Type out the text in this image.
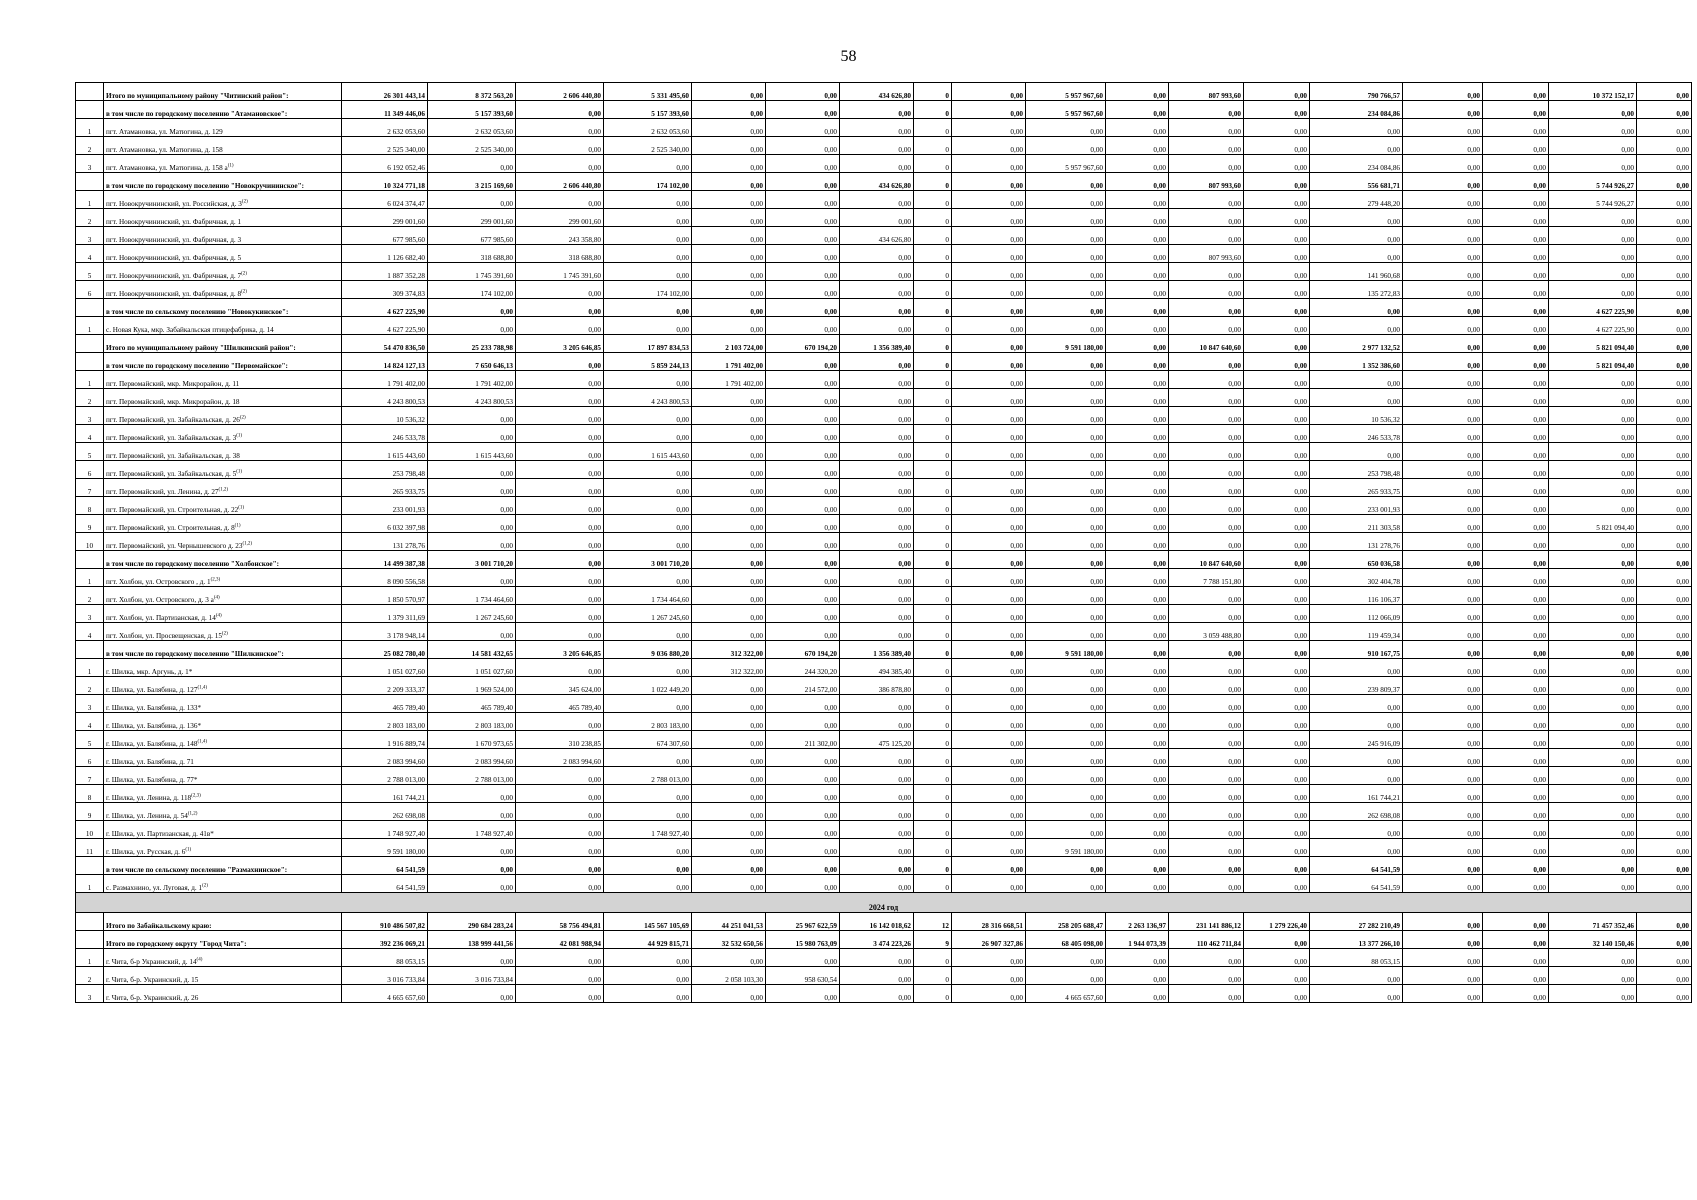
58
	Итого по муниципальному району "Читинский район":	26 301 443,14	8 372 563,20	2 606 440,80	5 331 495,60	0,00	0,00	434 626,80	0	0,00	5 957 967,60	0,00	807 993,60	0,00	790 766,57	0,00	0,00	10 372 152,17	0,00
	в том числе по городскому поселению "Атамановское":	11 349 446,06	5 157 393,60	0,00	5 157 393,60	0,00	0,00	0,00	0	0,00	5 957 967,60	0,00	0,00	0,00	234 084,86	0,00	0,00	0,00	0,00
1	пгт. Атамановка, ул. Матюгина, д. 129	2 632 053,60	2 632 053,60	0,00	2 632 053,60	0,00	0,00	0,00	0	0,00	0,00	0,00	0,00	0,00	0,00	0,00	0,00	0,00	0,00
2	пгт. Атамановка, ул. Матюгина, д. 158	2 525 340,00	2 525 340,00	0,00	2 525 340,00	0,00	0,00	0,00	0	0,00	0,00	0,00	0,00	0,00	0,00	0,00	0,00	0,00	0,00
3	пгт. Атамановка, ул. Матюгина, д. 158 $а^{(1)}$	6 192 052,46	0,00	0,00	0,00	0,00	0,00	0,00	0	0,00	5 957 967,60	0,00	0,00	0,00	234 084,86	0,00	0,00	0,00	0,00
	в том числе по городскому поселению "Новокручининское":	10 324 771,18	3 215 169,60	2 606 440,80	174 102,00	0,00	0,00	434 626,80	0	0,00	0,00	0,00	807 993,60	0,00	556 681,71	0,00	0,00	5 744 926,27	0,00
1	пгт. Новокручининский, ул. Российская, д. 3$^{(2)}$	6 024 374,47	0,00	0,00	0,00	0,00	0,00	0,00	0	0,00	0,00	0,00	0,00	0,00	279 448,20	0,00	0,00	5 744 926,27	0,00
2	пгт. Новокручининский, ул. Фабричная, д. 1	299 001,60	299 001,60	299 001,60	0,00	0,00	0,00	0,00	0	0,00	0,00	0,00	0,00	0,00	0,00	0,00	0,00	0,00	0,00
3	пгт. Новокручининский, ул. Фабричная, д. 3	677 985,60	677 985,60	243 358,80	0,00	0,00	0,00	434 626,80	0	0,00	0,00	0,00	0,00	0,00	0,00	0,00	0,00	0,00	0,00
4	пгт. Новокручининский, ул. Фабричная, д. 5	1 126 682,40	318 688,80	318 688,80	0,00	0,00	0,00	0,00	0	0,00	0,00	0,00	807 993,60	0,00	0,00	0,00	0,00	0,00	0,00
5	пгт. Новокручининский, ул. Фабричная, д. 7$^{(2)}$	1 887 352,28	1 745 391,60	1 745 391,60	0,00	0,00	0,00	0,00	0	0,00	0,00	0,00	0,00	0,00	141 960,68	0,00	0,00	0,00	0,00
6	пгт. Новокручининский, ул. Фабричная, д. 8$^{(2)}$	309 374,83	174 102,00	0,00	174 102,00	0,00	0,00	0,00	0	0,00	0,00	0,00	0,00	0,00	135 272,83	0,00	0,00	0,00	0,00
	в том числе по сельскому поселению "Новокукинское":	4 627 225,90	0,00	0,00	0,00	0,00	0,00	0,00	0	0,00	0,00	0,00	0,00	0,00	0,00	0,00	0,00	4 627 225,90	0,00
1	с. Новая Кука, мкр. Забайкальская птицефабрика, д. 14	4 627 225,90	0,00	0,00	0,00	0,00	0,00	0,00	0	0,00	0,00	0,00	0,00	0,00	0,00	0,00	0,00	4 627 225,90	0,00
	Итого по муниципальному району "Шилкинский район":	54 470 836,50	25 233 788,98	3 205 646,85	17 897 834,53	2 103 724,00	670 194,20	1 356 389,40	0	0,00	9 591 180,00	0,00	10 847 640,60	0,00	2 977 132,52	0,00	0,00	5 821 094,40	0,00
	в том числе по городскому поселению "Первомайское":	14 824 127,13	7 650 646,13	0,00	5 859 244,13	1 791 402,00	0,00	0,00	0	0,00	0,00	0,00	0,00	0,00	1 352 386,60	0,00	0,00	5 821 094,40	0,00
1	пгт. Первомайский, мкр. Микрорайон, д. 11	1 791 402,00	1 791 402,00	0,00	0,00	1 791 402,00	0,00	0,00	0	0,00	0,00	0,00	0,00	0,00	0,00	0,00	0,00	0,00	0,00
2	пгт. Первомайский, мкр. Микрорайон, д. 18	4 243 800,53	4 243 800,53	0,00	4 243 800,53	0,00	0,00	0,00	0	0,00	0,00	0,00	0,00	0,00	0,00	0,00	0,00	0,00	0,00
3	пгт. Первомайский, ул. Забайкальская, д. 26$^{(2)}$	10 536,32	0,00	0,00	0,00	0,00	0,00	0,00	0	0,00	0,00	0,00	0,00	0,00	10 536,32	0,00	0,00	0,00	0,00
4	пгт. Первомайский, ул. Забайкальская, д. 3$^{(1)}$	246 533,78	0,00	0,00	0,00	0,00	0,00	0,00	0	0,00	0,00	0,00	0,00	0,00	246 533,78	0,00	0,00	0,00	0,00
5	пгт. Первомайский, ул. Забайкальская, д. 38	1 615 443,60	1 615 443,60	0,00	1 615 443,60	0,00	0,00	0,00	0	0,00	0,00	0,00	0,00	0,00	0,00	0,00	0,00	0,00	0,00
6	пгт. Первомайский, ул. Забайкальская, д. 5$^{(1)}$	253 798,48	0,00	0,00	0,00	0,00	0,00	0,00	0	0,00	0,00	0,00	0,00	0,00	253 798,48	0,00	0,00	0,00	0,00
7	пгт. Первомайский, ул. Ленина, д. 27$^{(1,2)}$	265 933,75	0,00	0,00	0,00	0,00	0,00	0,00	0	0,00	0,00	0,00	0,00	0,00	265 933,75	0,00	0,00	0,00	0,00
8	пгт. Первомайский, ул. Строительная, д. 22$^{(1)}$	233 001,93	0,00	0,00	0,00	0,00	0,00	0,00	0	0,00	0,00	0,00	0,00	0,00	233 001,93	0,00	0,00	0,00	0,00
9	пгт. Первомайский, ул. Строительная, д. 8$^{(1)}$	6 032 397,98	0,00	0,00	0,00	0,00	0,00	0,00	0	0,00	0,00	0,00	0,00	0,00	211 303,58	0,00	0,00	5 821 094,40	0,00
10	пгт. Первомайский, ул. Чернышевского д. 23$^{(1,2)}$	131 278,76	0,00	0,00	0,00	0,00	0,00	0,00	0	0,00	0,00	0,00	0,00	0,00	131 278,76	0,00	0,00	0,00	0,00
	в том числе по городскому поселению "Холбонское":	14 499 387,38	3 001 710,20	0,00	3 001 710,20	0,00	0,00	0,00	0	0,00	0,00	0,00	10 847 640,60	0,00	650 036,58	0,00	0,00	0,00	0,00
1	пгт. Холбон, ул. Островского , д. 1$^{(2,3)}$	8 090 556,58	0,00	0,00	0,00	0,00	0,00	0,00	0	0,00	0,00	0,00	7 788 151,80	0,00	302 404,78	0,00	0,00	0,00	0,00
2	пгт. Холбон, ул. Островского, д. 3 $а^{(4)}$	1 850 570,97	1 734 464,60	0,00	1 734 464,60	0,00	0,00	0,00	0	0,00	0,00	0,00	0,00	0,00	116 106,37	0,00	0,00	0,00	0,00
3	пгт. Холбон, ул. Партизанская, д. 14$^{(4)}$	1 379 311,69	1 267 245,60	0,00	1 267 245,60	0,00	0,00	0,00	0	0,00	0,00	0,00	0,00	0,00	112 066,09	0,00	0,00	0,00	0,00
4	пгт. Холбон, ул. Просвещенская, д. 15$^{(2)}$	3 178 948,14	0,00	0,00	0,00	0,00	0,00	0,00	0	0,00	0,00	0,00	3 059 488,80	0,00	119 459,34	0,00	0,00	0,00	0,00
	в том числе по городскому поселению "Шилкинское":	25 082 780,40	14 581 432,65	3 205 646,85	9 036 880,20	312 322,00	670 194,20	1 356 389,40	0	0,00	9 591 180,00	0,00	0,00	0,00	910 167,75	0,00	0,00	0,00	0,00
1	г. Шилка, мкр. Аргунь, д. 1*	1 051 027,60	1 051 027,60	0,00	0,00	312 322,00	244 320,20	494 385,40	0	0,00	0,00	0,00	0,00	0,00	0,00	0,00	0,00	0,00	0,00
2	г. Шилка, ул. Балябина, д. 127$^{(1,4)}$	2 209 333,37	1 969 524,00	345 624,00	1 022 449,20	0,00	214 572,00	386 878,80	0	0,00	0,00	0,00	0,00	0,00	239 809,37	0,00	0,00	0,00	0,00
3	г. Шилка, ул. Балябина, д. 133*	465 789,40	465 789,40	465 789,40	0,00	0,00	0,00	0,00	0	0,00	0,00	0,00	0,00	0,00	0,00	0,00	0,00	0,00	0,00
4	г. Шилка, ул. Балябина, д. 136*	2 803 183,00	2 803 183,00	0,00	2 803 183,00	0,00	0,00	0,00	0	0,00	0,00	0,00	0,00	0,00	0,00	0,00	0,00	0,00	0,00
5	г. Шилка, ул. Балябина, д. 148$^{(1,4)}$	1 916 889,74	1 670 973,65	310 238,85	674 307,60	0,00	211 302,00	475 125,20	0	0,00	0,00	0,00	0,00	0,00	245 916,09	0,00	0,00	0,00	0,00
6	г. Шилка, ул. Балябина, д. 71	2 083 994,60	2 083 994,60	2 083 994,60	0,00	0,00	0,00	0,00	0	0,00	0,00	0,00	0,00	0,00	0,00	0,00	0,00	0,00	0,00
7	г. Шилка, ул. Балябина, д. 77*	2 788 013,00	2 788 013,00	0,00	2 788 013,00	0,00	0,00	0,00	0	0,00	0,00	0,00	0,00	0,00	0,00	0,00	0,00	0,00	0,00
8	г. Шилка, ул. Ленина, д. 118$^{(2,3)}$	161 744,21	0,00	0,00	0,00	0,00	0,00	0,00	0	0,00	0,00	0,00	0,00	0,00	161 744,21	0,00	0,00	0,00	0,00
9	г. Шилка, ул. Ленина, д. 54$^{(1,2)}$	262 698,08	0,00	0,00	0,00	0,00	0,00	0,00	0	0,00	0,00	0,00	0,00	0,00	262 698,08	0,00	0,00	0,00	0,00
10	г. Шилка, ул. Партизанская, д. 41в*	1 748 927,40	1 748 927,40	0,00	1 748 927,40	0,00	0,00	0,00	0	0,00	0,00	0,00	0,00	0,00	0,00	0,00	0,00	0,00	0,00
11	г. Шилка, ул. Русская, д. 6$^{(1)}$	9 591 180,00	0,00	0,00	0,00	0,00	0,00	0,00	0	0,00	9 591 180,00	0,00	0,00	0,00	0,00	0,00	0,00	0,00	0,00
	в том числе по сельскому поселению "Размахнинское":	64 541,59	0,00	0,00	0,00	0,00	0,00	0,00	0	0,00	0,00	0,00	0,00	0,00	64 541,59	0,00	0,00	0,00	0,00
1	с. Размахнино, ул. Луговая, д. 1$^{(2)}$	64 541,59	0,00	0,00	0,00	0,00	0,00	0,00	0	0,00	0,00	0,00	0,00	0,00	64 541,59	0,00	0,00	0,00	0,00
2024 год																			
	Итого по Забайкальскому краю:	910 486 507,82	290 684 283,24	58 756 494,81	145 567 105,69	44 251 041,53	25 967 622,59	16 142 018,62	12	28 316 668,51	258 205 688,47	2 263 136,97	231 141 886,12	1 279 226,40	27 282 210,49	0,00	0,00	71 457 352,46	0,00
	Итого по городскому округу "Город Чита":	392 236 069,21	138 999 441,56	42 081 988,94	44 929 815,71	32 532 650,56	15 980 763,09	3 474 223,26	9	26 907 327,86	68 405 098,00	1 944 073,39	110 462 711,84	0,00	13 377 266,10	0,00	0,00	32 140 150,46	0,00
1	г. Чита, б-р Украинский, д. 14$^{(4)}$	88 053,15	0,00	0,00	0,00	0,00	0,00	0,00	0	0,00	0,00	0,00	0,00	0,00	88 053,15	0,00	0,00	0,00	0,00
2	г. Чита, б-р. Украинский, д. 15	3 016 733,84	3 016 733,84	0,00	0,00	2 058 103,30	958 630,54	0,00	0	0,00	0,00	0,00	0,00	0,00	0,00	0,00	0,00	0,00	0,00
3	г. Чита, б-р. Украинский, д. 26	4 665 657,60	0,00	0,00	0,00	0,00	0,00	0,00	0	0,00	4 665 657,60	0,00	0,00	0,00	0,00	0,00	0,00	0,00	0,00
